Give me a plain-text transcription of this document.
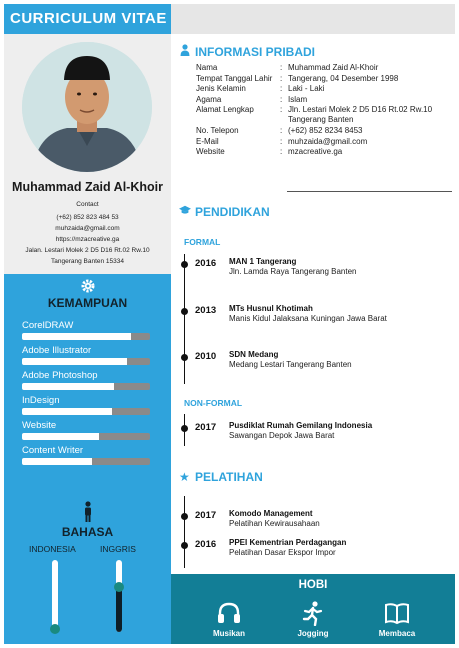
CURRICULUM VITAE
Muhammad Zaid Al-Khoir
Contact
(+62) 852 823 484 53
muhzaida@gmail.com
https://mzacreative.ga
Jalan. Lestari Molek 2 D5 D16 Rt.02 Rw.10
Tangerang Banten 15334
KEMAMPUAN
CorelDRAW
Adobe Illustrator
Adobe Photoshop
InDesign
Website
Content Writer
BAHASA
INDONESIA	INGGRIS
INFORMASI PRIBADI
Nama	: Muhammad Zaid Al-Khoir
Tempat Tanggal Lahir : Tangerang, 04 Desember 1998
Jenis Kelamin	: Laki - Laki
Agama	: Islam
Alamat Lengkap	: Jln. Lestari Molek 2 D5 D16 Rt.02 Rw.10 Tangerang Banten
No. Telepon	: (+62) 852 8234 8453
E-Mail	: muhzaida@gmail.com
Website	: mzacreative.ga
PENDIDIKAN
FORMAL
2016 MAN 1 Tangerang
Jln. Lamda Raya Tangerang Banten
2013 MTs Husnul Khotimah
Manis Kidul Jalaksana Kuningan Jawa Barat
2010 SDN Medang
Medang Lestari Tangerang Banten
NON-FORMAL
2017 Pusdiklat Rumah Gemilang Indonesia
Sawangan Depok Jawa Barat
★ PELATIHAN
2017 Komodo Management
Pelatihan Kewirausahaan
2016 PPEI Kementrian Perdagangan
Pelatihan Dasar Ekspor Impor
HOBI
Musikan	Jogging	Membaca
